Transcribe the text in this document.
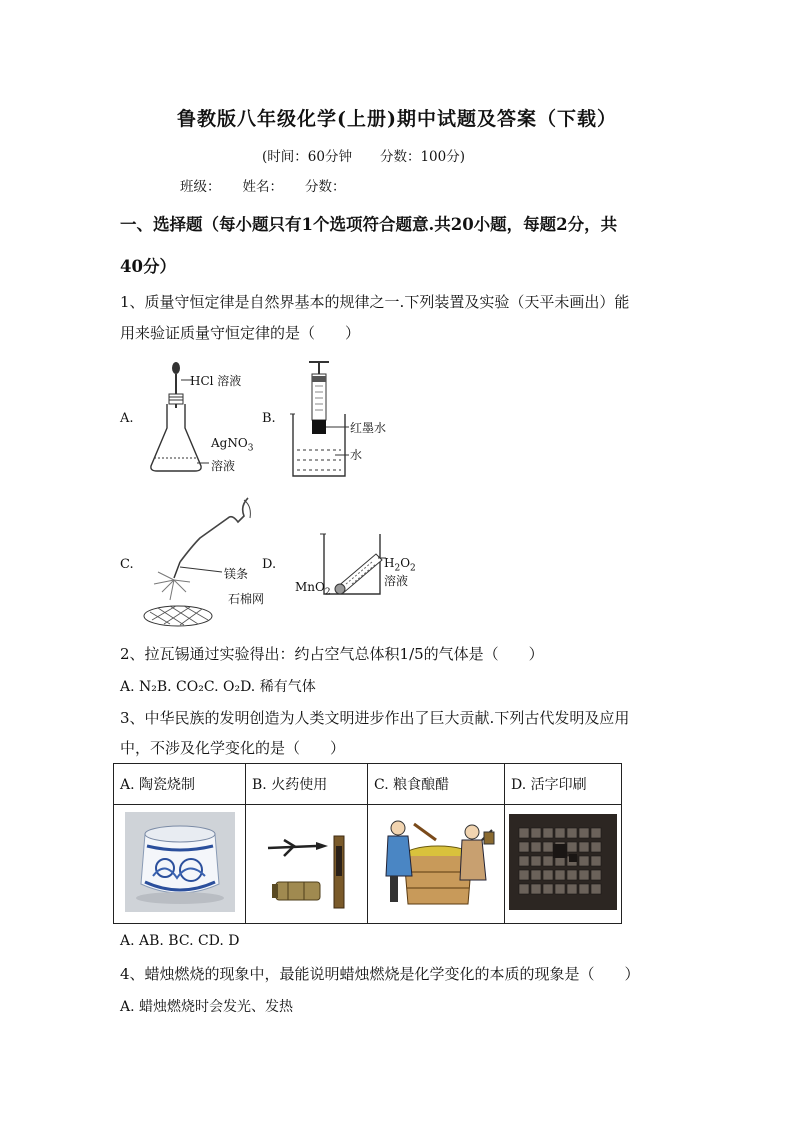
鲁教版八年级化学(上册)期中试题及答案（下载）
(时间：60分钟 分数：100分)
班级： 姓名： 分数：
一、选择题（每小题只有1个选项符合题意.共20小题，每题2分，共
40分）
1、质量守恒定律是自然界基本的规律之一.下列装置及实验（天平未画出）能
用来验证质量守恒定律的是（　　）
A.	B.
C.	D.
HCl 溶液
AgNO$_3$
溶液
红墨水
水
镁条
石棉网
$H_2O_2$
溶液
MnO$_2$
2、拉瓦锡通过实验得出：约占空气总体积1/5的气体是（　　）
A. N₂B. CO₂C. O₂D. 稀有气体
3、中华民族的发明创造为人类文明进步作出了巨大贡献.下列古代发明及应用
中，不涉及化学变化的是（　　）
A. 陶瓷烧制	B. 火药使用	C. 粮食酿醋	D. 活字印刷

A. AB. BC. CD. D
4、蜡烛燃烧的现象中，最能说明蜡烛燃烧是化学变化的本质的现象是（　　）
A. 蜡烛燃烧时会发光、发热
